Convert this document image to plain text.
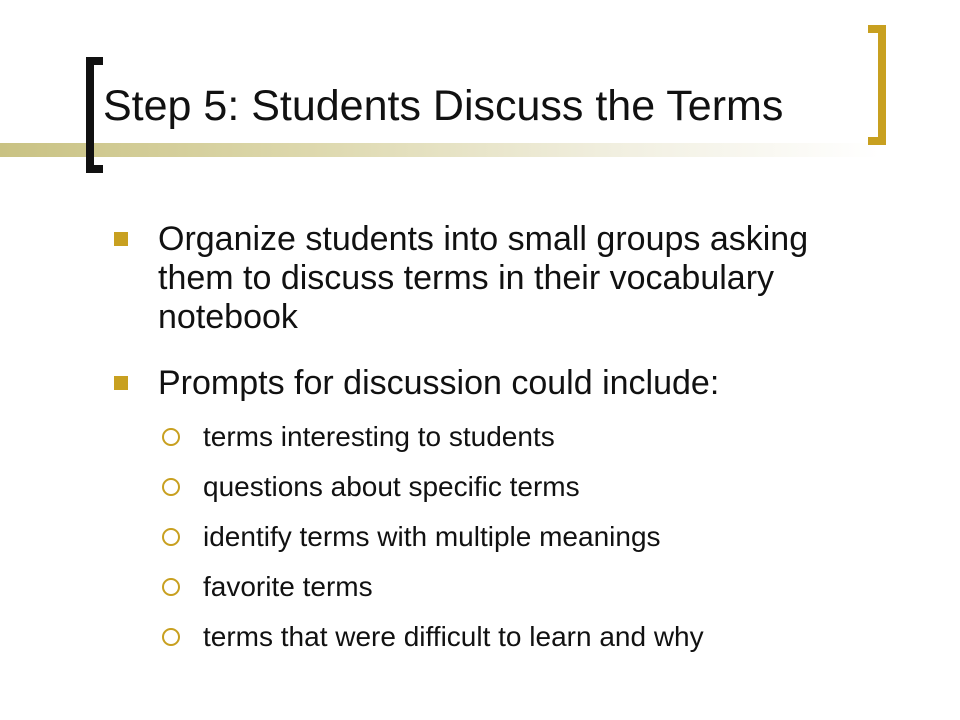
Step 5: Students Discuss the Terms
Organize students into small groups asking them to discuss terms in their vocabulary notebook
Prompts for discussion could include:
terms interesting to students
questions about specific terms
identify terms with multiple meanings
favorite terms
terms that were difficult to learn and why
